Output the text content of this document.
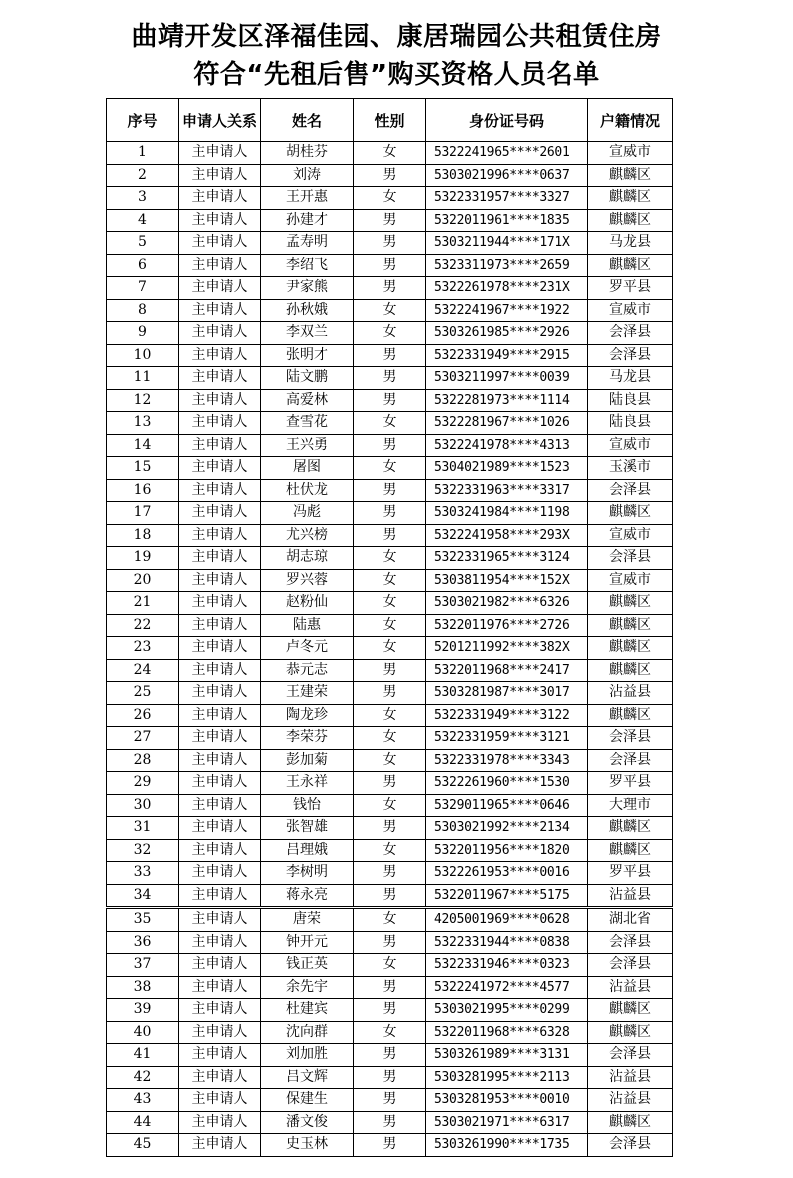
曲靖开发区泽福佳园、康居瑞园公共租赁住房
符合“先租后售”购买资格人员名单
序号	申请人关系	姓名	性别	身份证号码	户籍情况
1	主申请人	胡桂芬	女	5322241965****2601	宣威市
2	主申请人	刘涛	男	5303021996****0637	麒麟区
3	主申请人	王开惠	女	5322331957****3327	麒麟区
4	主申请人	孙建才	男	5322011961****1835	麒麟区
5	主申请人	孟寿明	男	5303211944****171X	马龙县
6	主申请人	李绍飞	男	5323311973****2659	麒麟区
7	主申请人	尹家熊	男	5322261978****231X	罗平县
8	主申请人	孙秋娥	女	5322241967****1922	宣威市
9	主申请人	李双兰	女	5303261985****2926	会泽县
10	主申请人	张明才	男	5322331949****2915	会泽县
11	主申请人	陆文鹏	男	5303211997****0039	马龙县
12	主申请人	高爱林	男	5322281973****1114	陆良县
13	主申请人	查雪花	女	5322281967****1026	陆良县
14	主申请人	王兴勇	男	5322241978****4313	宣威市
15	主申请人	屠图	女	5304021989****1523	玉溪市
16	主申请人	杜伏龙	男	5322331963****3317	会泽县
17	主申请人	冯彪	男	5303241984****1198	麒麟区
18	主申请人	尤兴榜	男	5322241958****293X	宣威市
19	主申请人	胡志琼	女	5322331965****3124	会泽县
20	主申请人	罗兴蓉	女	5303811954****152X	宣威市
21	主申请人	赵粉仙	女	5303021982****6326	麒麟区
22	主申请人	陆惠	女	5322011976****2726	麒麟区
23	主申请人	卢冬元	女	5201211992****382X	麒麟区
24	主申请人	恭元志	男	5322011968****2417	麒麟区
25	主申请人	王建荣	男	5303281987****3017	沾益县
26	主申请人	陶龙珍	女	5322331949****3122	麒麟区
27	主申请人	李荣芬	女	5322331959****3121	会泽县
28	主申请人	彭加菊	女	5322331978****3343	会泽县
29	主申请人	王永祥	男	5322261960****1530	罗平县
30	主申请人	钱怡	女	5329011965****0646	大理市
31	主申请人	张智雄	男	5303021992****2134	麒麟区
32	主申请人	吕理娥	女	5322011956****1820	麒麟区
33	主申请人	李树明	男	5322261953****0016	罗平县
34	主申请人	蒋永亮	男	5322011967****5175	沾益县
35	主申请人	唐荣	女	4205001969****0628	湖北省
36	主申请人	钟开元	男	5322331944****0838	会泽县
37	主申请人	钱正英	女	5322331946****0323	会泽县
38	主申请人	余先宇	男	5322241972****4577	沾益县
39	主申请人	杜建宾	男	5303021995****0299	麒麟区
40	主申请人	沈向群	女	5322011968****6328	麒麟区
41	主申请人	刘加胜	男	5303261989****3131	会泽县
42	主申请人	吕文辉	男	5303281995****2113	沾益县
43	主申请人	保建生	男	5303281953****0010	沾益县
44	主申请人	潘文俊	男	5303021971****6317	麒麟区
45	主申请人	史玉林	男	5303261990****1735	会泽县
